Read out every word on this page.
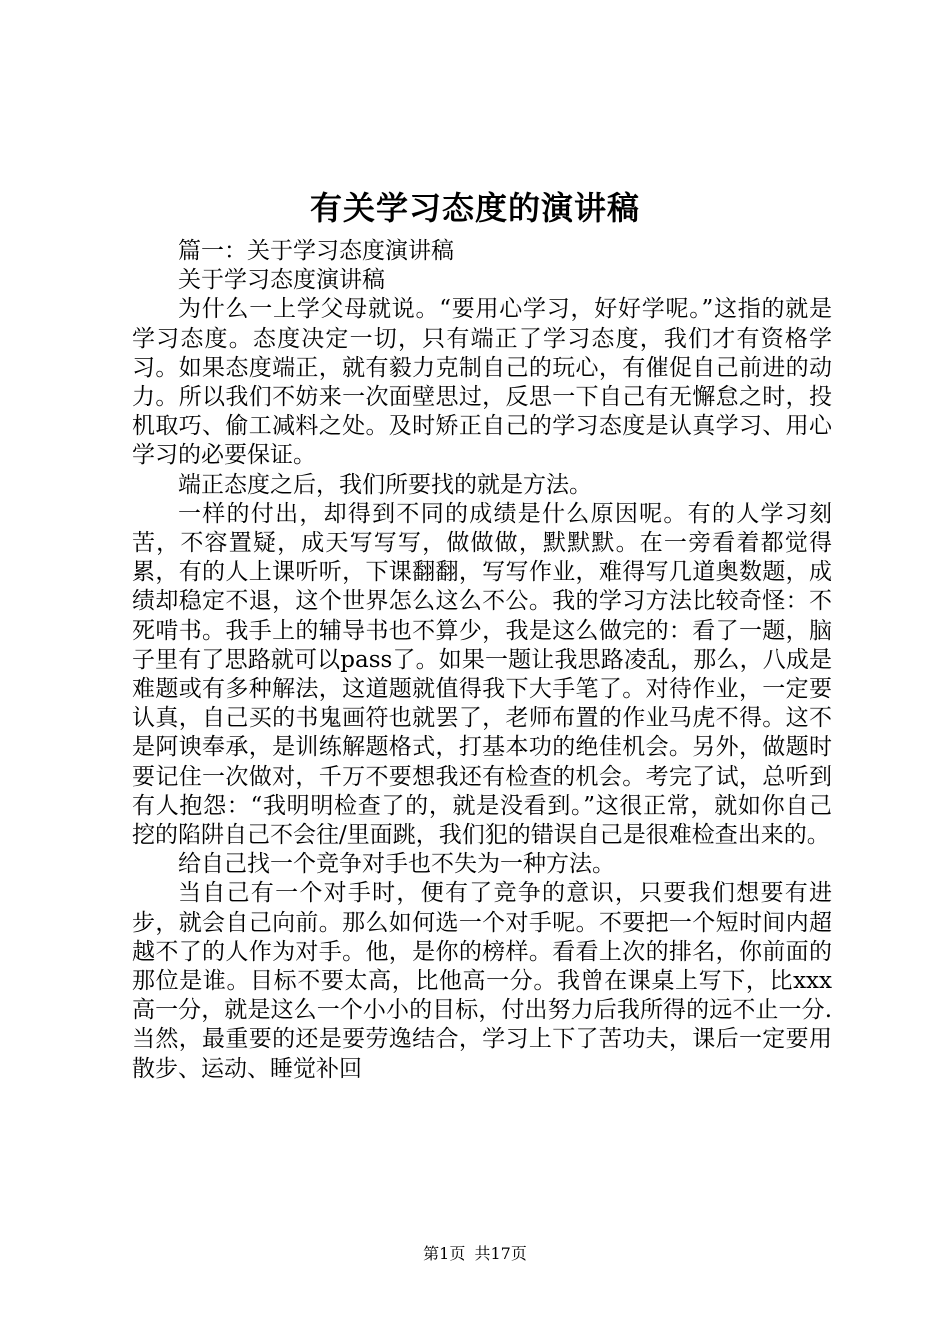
有关学习态度的演讲稿

篇一：关于学习态度演讲稿

关于学习态度演讲稿

为什么一上学父母就说。“要用心学习，好好学呢。”这指的就是学习态度。态度决定一切，只有端正了学习态度，我们才有资格学习。如果态度端正，就有毅力克制自己的玩心，有催促自己前进的动力。所以我们不妨来一次面壁思过，反思一下自己有无懈怠之时，投机取巧、偷工减料之处。及时矫正自己的学习态度是认真学习、用心学习的必要保证。

端正态度之后，我们所要找的就是方法。

一样的付出，却得到不同的成绩是什么原因呢。有的人学习刻苦，不容置疑，成天写写写，做做做，默默默。在一旁看着都觉得累，有的人上课听听，下课翻翻，写写作业，难得写几道奥数题，成绩却稳定不退，这个世界怎么这么不公。我的学习方法比较奇怪：不死啃书。我手上的辅导书也不算少，我是这么做完的：看了一题，脑子里有了思路就可以pass了。如果一题让我思路凌乱，那么，八成是难题或有多种解法，这道题就值得我下大手笔了。对待作业，一定要认真，自己买的书鬼画符也就罢了，老师布置的作业马虎不得。这不是阿谀奉承，是训练解题格式，打基本功的绝佳机会。另外，做题时要记住一次做对，千万不要想我还有检查的机会。考完了试，总听到有人抱怨：“我明明检查了的，就是没看到。”这很正常，就如你自己挖的陷阱自己不会往/里面跳，我们犯的错误自己是很难检查出来的。

给自己找一个竞争对手也不失为一种方法。

当自己有一个对手时，便有了竞争的意识，只要我们想要有进步，就会自己向前。那么如何选一个对手呢。不要把一个短时间内超越不了的人作为对手。他，是你的榜样。看看上次的排名，你前面的那位是谁。目标不要太高，比他高一分。我曾在课桌上写下，比xxx高一分，就是这么一个小小的目标，付出努力后我所得的远不止一分.当然，最重要的还是要劳逸结合，学习上下了苦功夫，课后一定要用散步、运动、睡觉补回

第1页 共17页
